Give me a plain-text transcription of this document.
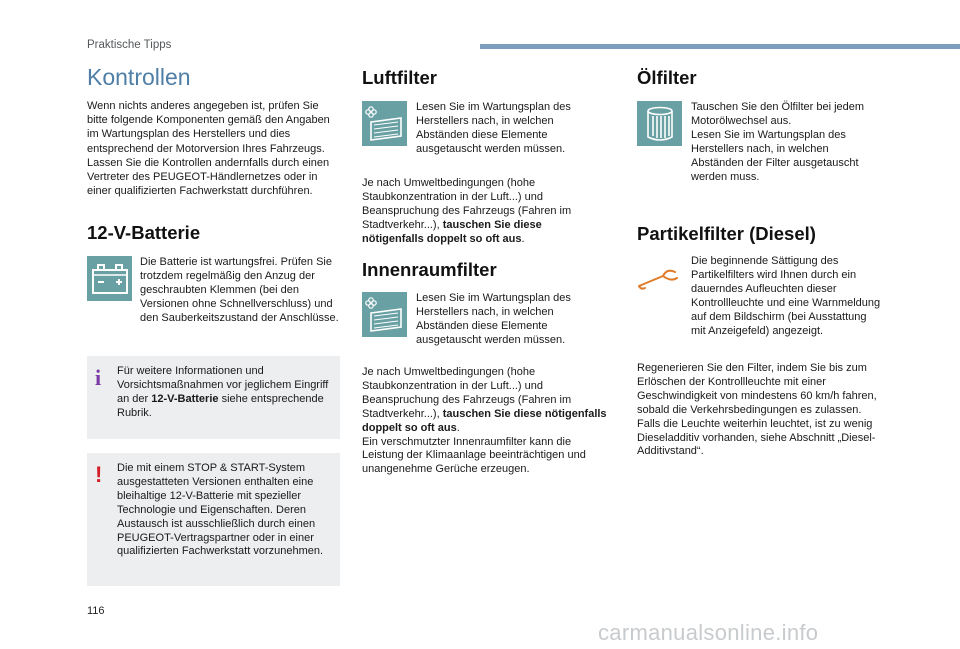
Praktische Tipps
Kontrollen
Wenn nichts anderes angegeben ist, prüfen Sie bitte folgende Komponenten gemäß den Angaben im Wartungsplan des Herstellers und dies entsprechend der Motorversion Ihres Fahrzeugs. Lassen Sie die Kontrollen andernfalls durch einen Vertreter des PEUGEOT-Händlernetzes oder in einer qualifizierten Fachwerkstatt durchführen.
12-V-Batterie
Die Batterie ist wartungsfrei. Prüfen Sie trotzdem regelmäßig den Anzug der geschraubten Klemmen (bei den Versionen ohne Schnellverschluss) und den Sauberkeitszustand der Anschlüsse.
i Für weitere Informationen und Vorsichtsmaßnahmen vor jeglichem Eingriff an der 12-V-Batterie siehe entsprechende Rubrik.
! Die mit einem STOP & START-System ausgestatteten Versionen enthalten eine bleihaltige 12-V-Batterie mit spezieller Technologie und Eigenschaften. Deren Austausch ist ausschließlich durch einen PEUGEOT-Vertragspartner oder in einer qualifizierten Fachwerkstatt vorzunehmen.
Luftfilter
Lesen Sie im Wartungsplan des Herstellers nach, in welchen Abständen diese Elemente ausgetauscht werden müssen.
Je nach Umweltbedingungen (hohe Staubkonzentration in der Luft...) und Beanspruchung des Fahrzeugs (Fahren im Stadtverkehr...), tauschen Sie diese nötigenfalls doppelt so oft aus.
Innenraumfilter
Lesen Sie im Wartungsplan des Herstellers nach, in welchen Abständen diese Elemente ausgetauscht werden müssen.
Je nach Umweltbedingungen (hohe Staubkonzentration in der Luft...) und Beanspruchung des Fahrzeugs (Fahren im Stadtverkehr...), tauschen Sie diese nötigenfalls doppelt so oft aus.
Ein verschmutzter Innenraumfilter kann die Leistung der Klimaanlage beeinträchtigen und unangenehme Gerüche erzeugen.
Ölfilter
Tauschen Sie den Ölfilter bei jedem Motorölwechsel aus.
Lesen Sie im Wartungsplan des Herstellers nach, in welchen Abständen der Filter ausgetauscht werden muss.
Partikelfilter (Diesel)
Die beginnende Sättigung des Partikelfilters wird Ihnen durch ein dauerndes Aufleuchten dieser Kontrollleuchte und eine Warnmeldung auf dem Bildschirm (bei Ausstattung mit Anzeigefeld) angezeigt.
Regenerieren Sie den Filter, indem Sie bis zum Erlöschen der Kontrollleuchte mit einer Geschwindigkeit von mindestens 60 km/h fahren, sobald die Verkehrsbedingungen es zulassen.
Falls die Leuchte weiterhin leuchtet, ist zu wenig Dieseladditiv vorhanden, siehe Abschnitt „Diesel-Additivstand“.
116
carmanualsonline.info
